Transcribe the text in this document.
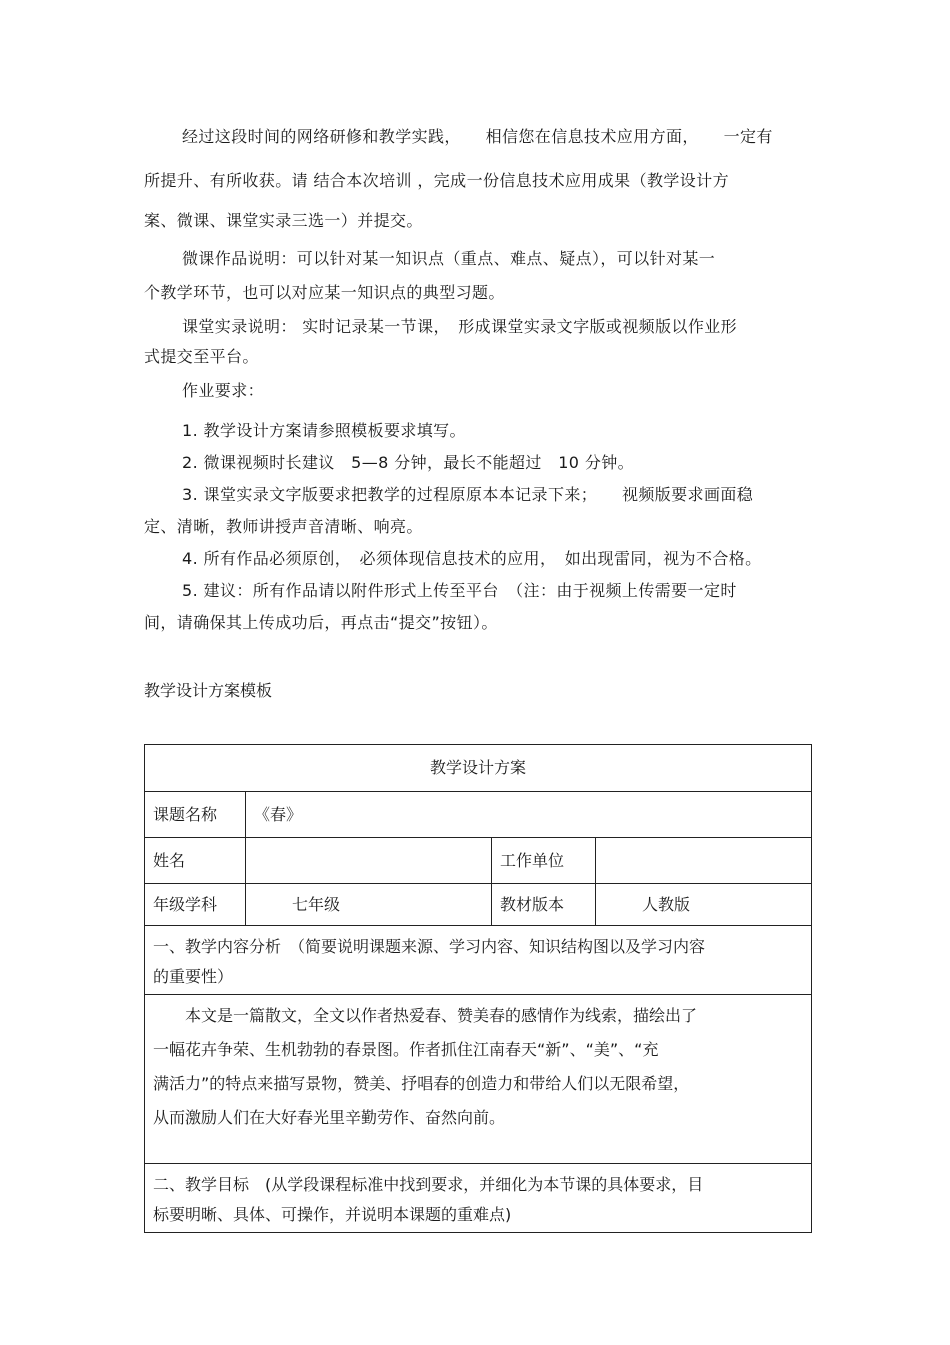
经过这段时间的网络研修和教学实践，　　相信您在信息技术应用方面，　　一定有

所提升、有所收获。请 结合本次培训 ，完成一份信息技术应用成果（教学设计方

案、微课、课堂实录三选一）并提交。

微课作品说明：可以针对某一知识点（重点、难点、疑点），可以针对某一

个教学环节，也可以对应某一知识点的典型习题。

课堂实录说明： 实时记录某一节课，　形成课堂实录文字版或视频版以作业形

式提交至平台。

作业要求：

1. 教学设计方案请参照模板要求填写。

2. 微课视频时长建议　5—8 分钟，最长不能超过　10 分钟。

3. 课堂实录文字版要求把教学的过程原原本本记录下来；　　视频版要求画面稳

定、清晰，教师讲授声音清晰、响亮。

4. 所有作品必须原创，　必须体现信息技术的应用，　如出现雷同，视为不合格。

5. 建议：所有作品请以附件形式上传至平台　（注：由于视频上传需要一定时

间，请确保其上传成功后，再点击“提交”按钮）。

教学设计方案模板

教学设计方案			
课题名称	《春》		
姓名		工作单位	
年级学科	七年级	教材版本	人教版

一、教学内容分析　（简要说明课题来源、学习内容、知识结构图以及学习内容
的重要性）			

本文是一篇散文，全文以作者热爱春、赞美春的感情作为线索，描绘出了
一幅花卉争荣、生机勃勃的春景图。作者抓住江南春天“新”、“美”、“充
满活力”的特点来描写景物，赞美、抒唱春的创造力和带给人们以无限希望，
从而激励人们在大好春光里辛勤劳作、奋然向前。			

二、教学目标　(从学段课程标准中找到要求，并细化为本节课的具体要求，目
标要明晰、具体、可操作，并说明本课题的重难点)			
